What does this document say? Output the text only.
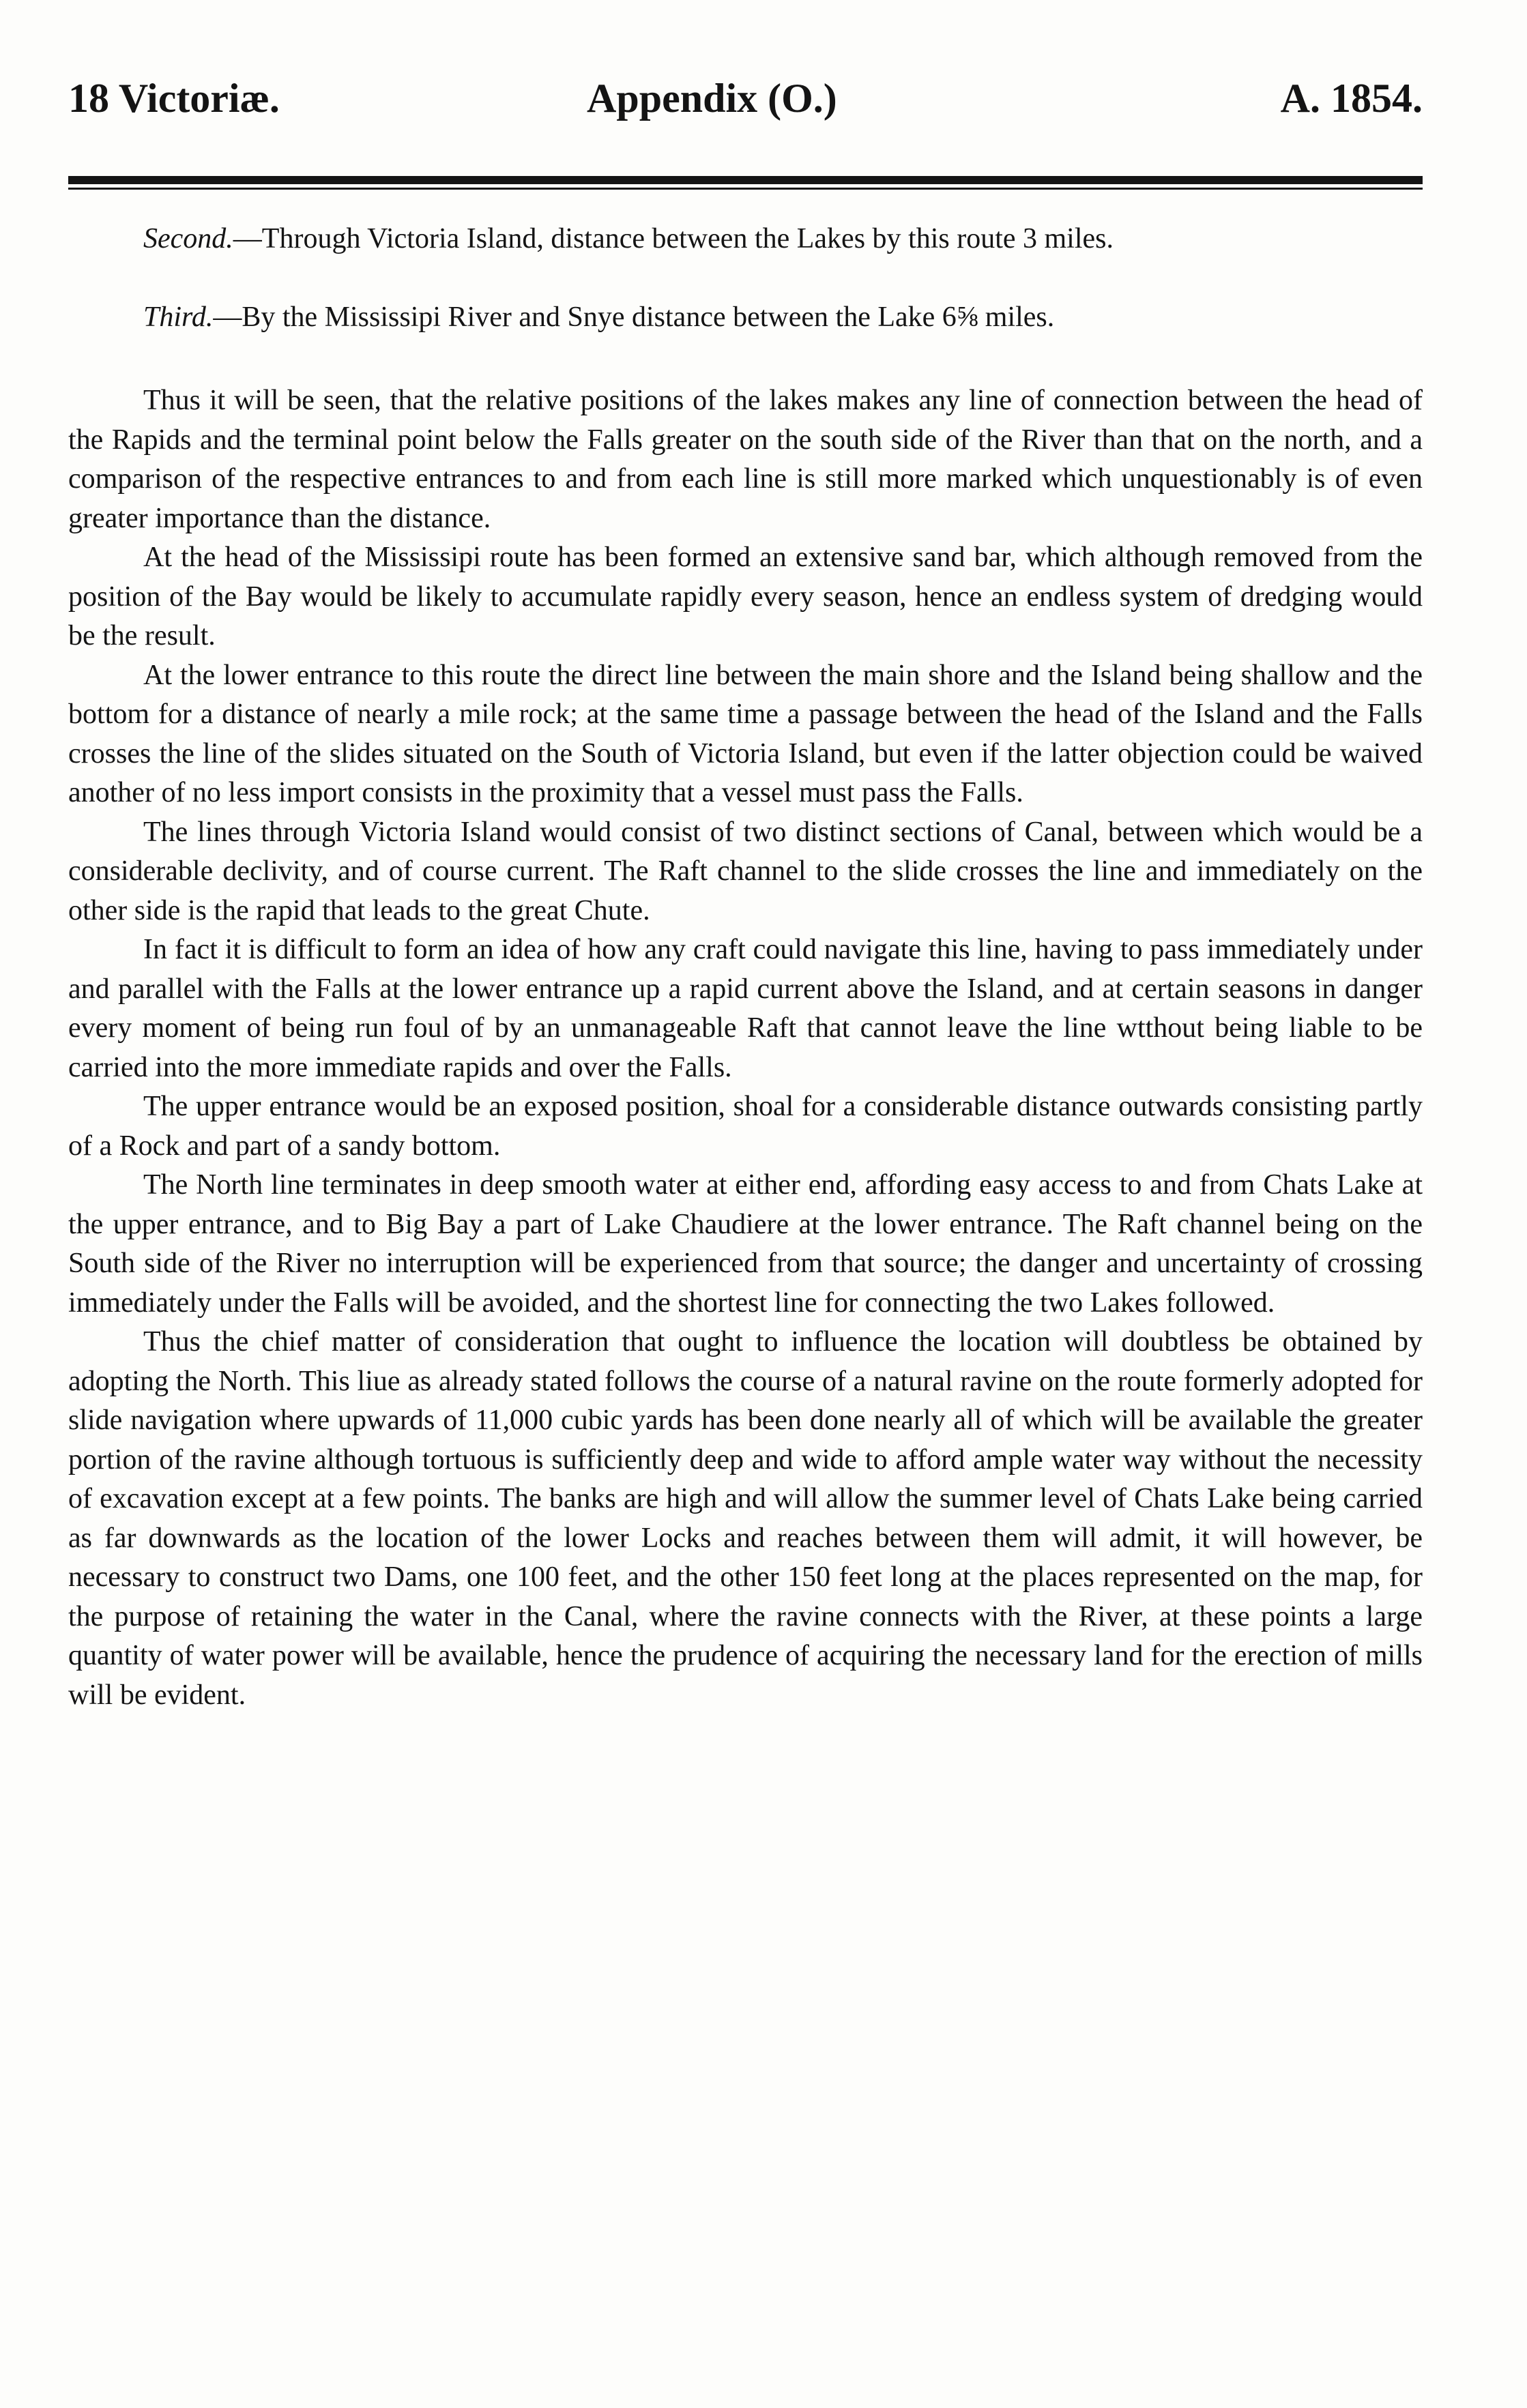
18 Victoriæ.	Appendix (O.)	A. 1854.

Second.—Through Victoria Island, distance between the Lakes by this route 3 miles.

Third.—By the Mississipi River and Snye distance between the Lake 6⅝ miles.

Thus it will be seen, that the relative positions of the lakes makes any line of connection between the head of the Rapids and the terminal point below the Falls greater on the south side of the River than that on the north, and a comparison of the respective entrances to and from each line is still more marked which unquestionably is of even greater importance than the distance.

At the head of the Mississipi route has been formed an extensive sand bar, which although removed from the position of the Bay would be likely to accumulate rapidly every season, hence an endless system of dredging would be the result.

At the lower entrance to this route the direct line between the main shore and the Island being shallow and the bottom for a distance of nearly a mile rock; at the same time a passage between the head of the Island and the Falls crosses the line of the slides situated on the South of Victoria Island, but even if the latter objection could be waived another of no less import consists in the proximity that a vessel must pass the Falls.

The lines through Victoria Island would consist of two distinct sections of Canal, between which would be a considerable declivity, and of course current. The Raft channel to the slide crosses the line and immediately on the other side is the rapid that leads to the great Chute.

In fact it is difficult to form an idea of how any craft could navigate this line, having to pass immediately under and parallel with the Falls at the lower entrance up a rapid current above the Island, and at certain seasons in danger every moment of being run foul of by an unmanageable Raft that cannot leave the line wtthout being liable to be carried into the more immediate rapids and over the Falls.

The upper entrance would be an exposed position, shoal for a considerable distance outwards consisting partly of a Rock and part of a sandy bottom.

The North line terminates in deep smooth water at either end, affording easy access to and from Chats Lake at the upper entrance, and to Big Bay a part of Lake Chaudiere at the lower entrance. The Raft channel being on the South side of the River no interruption will be experienced from that source; the danger and uncertainty of crossing immediately under the Falls will be avoided, and the shortest line for connecting the two Lakes followed.

Thus the chief matter of consideration that ought to influence the location will doubtless be obtained by adopting the North. This liue as already stated follows the course of a natural ravine on the route formerly adopted for slide navigation where upwards of 11,000 cubic yards has been done nearly all of which will be available the greater portion of the ravine although tortuous is sufficiently deep and wide to afford ample water way without the necessity of excavation except at a few points. The banks are high and will allow the summer level of Chats Lake being carried as far downwards as the location of the lower Locks and reaches between them will admit, it will however, be necessary to construct two Dams, one 100 feet, and the other 150 feet long at the places represented on the map, for the purpose of retaining the water in the Canal, where the ravine connects with the River, at these points a large quantity of water power will be available, hence the prudence of acquiring the necessary land for the erection of mills will be evident.
